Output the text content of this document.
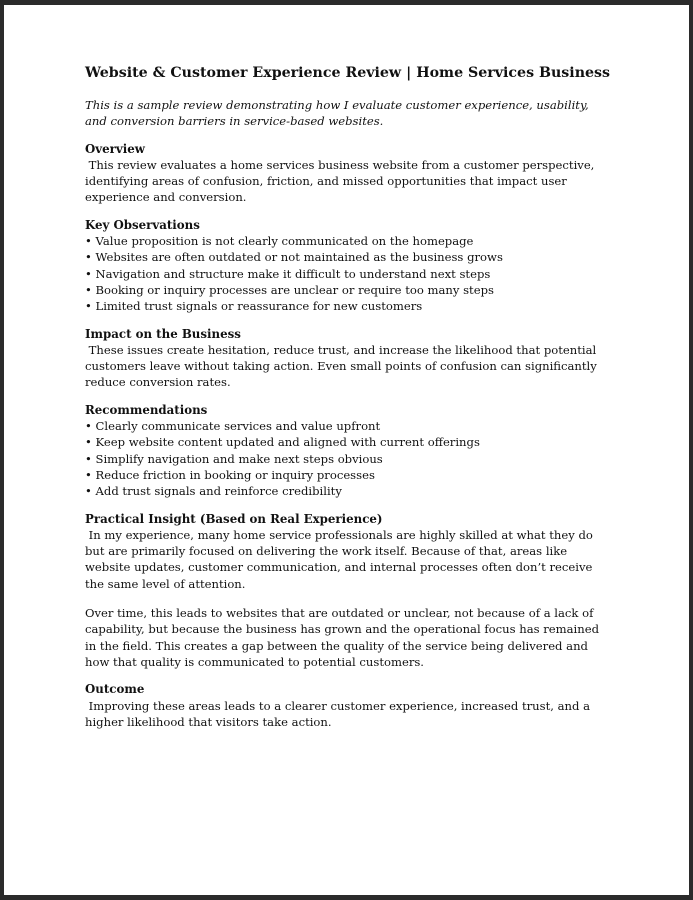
Website & Customer Experience Review | Home Services Business

This is a sample review demonstrating how I evaluate customer experience, usability, and conversion barriers in service-based websites.

Overview

This review evaluates a home services business website from a customer perspective, identifying areas of confusion, friction, and missed opportunities that impact user experience and conversion.

Key Observations
• Value proposition is not clearly communicated on the homepage
• Websites are often outdated or not maintained as the business grows
• Navigation and structure make it difficult to understand next steps
• Booking or inquiry processes are unclear or require too many steps
• Limited trust signals or reassurance for new customers
Impact on the Business

These issues create hesitation, reduce trust, and increase the likelihood that potential customers leave without taking action. Even small points of confusion can significantly reduce conversion rates.

Recommendations
• Clearly communicate services and value upfront
• Keep website content updated and aligned with current offerings
• Simplify navigation and make next steps obvious
• Reduce friction in booking or inquiry processes
• Add trust signals and reinforce credibility
Practical Insight (Based on Real Experience)

In my experience, many home service professionals are highly skilled at what they do but are primarily focused on delivering the work itself. Because of that, areas like website updates, customer communication, and internal processes often don’t receive the same level of attention.

Over time, this leads to websites that are outdated or unclear, not because of a lack of capability, but because the business has grown and the operational focus has remained in the field. This creates a gap between the quality of the service being delivered and how that quality is communicated to potential customers.

Outcome

Improving these areas leads to a clearer customer experience, increased trust, and a higher likelihood that visitors take action.
